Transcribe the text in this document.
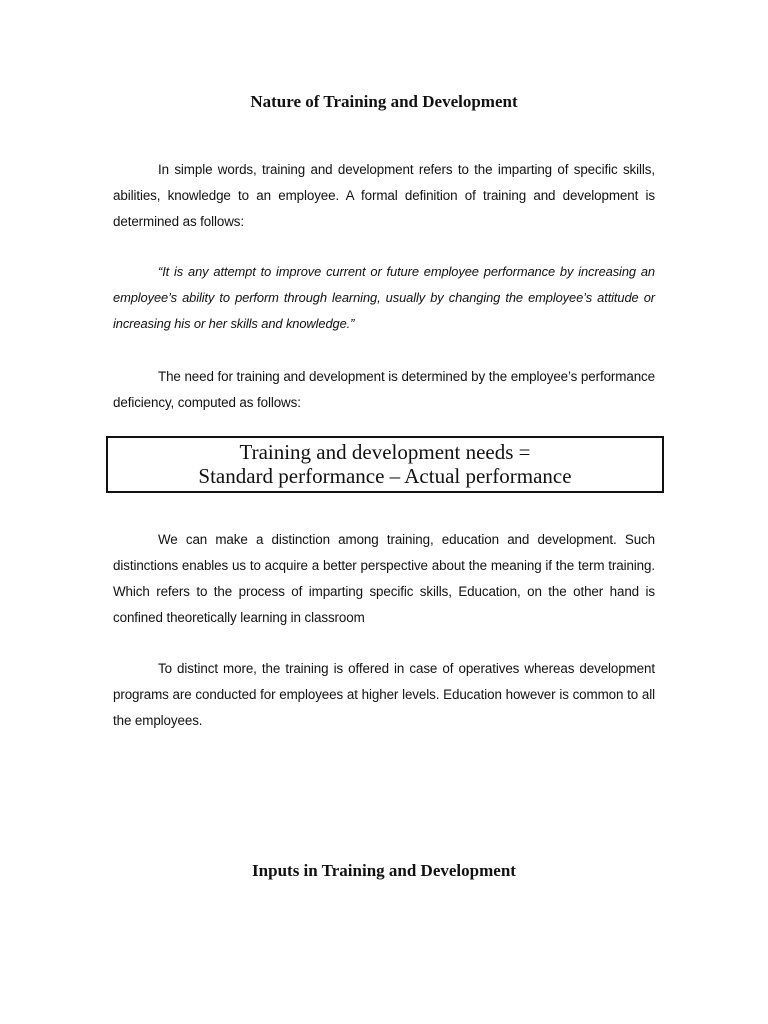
Nature of Training and Development

In simple words, training and development refers to the imparting of specific skills, abilities, knowledge to an employee. A formal definition of training and development is determined as follows:

“It is any attempt to improve current or future employee performance by increasing an employee’s ability to perform through learning, usually by changing the employee’s attitude or increasing his or her skills and knowledge.”

The need for training and development is determined by the employee’s performance deficiency, computed as follows:

Training and development needs =
Standard performance – Actual performance

We can make a distinction among training, education and development. Such distinctions enables us to acquire a better perspective about the meaning if the term training. Which refers to the process of imparting specific skills, Education, on the other hand is confined theoretically learning in classroom

To distinct more, the training is offered in case of operatives whereas development programs are conducted for employees at higher levels. Education however is common to all the employees.

Inputs in Training and Development
